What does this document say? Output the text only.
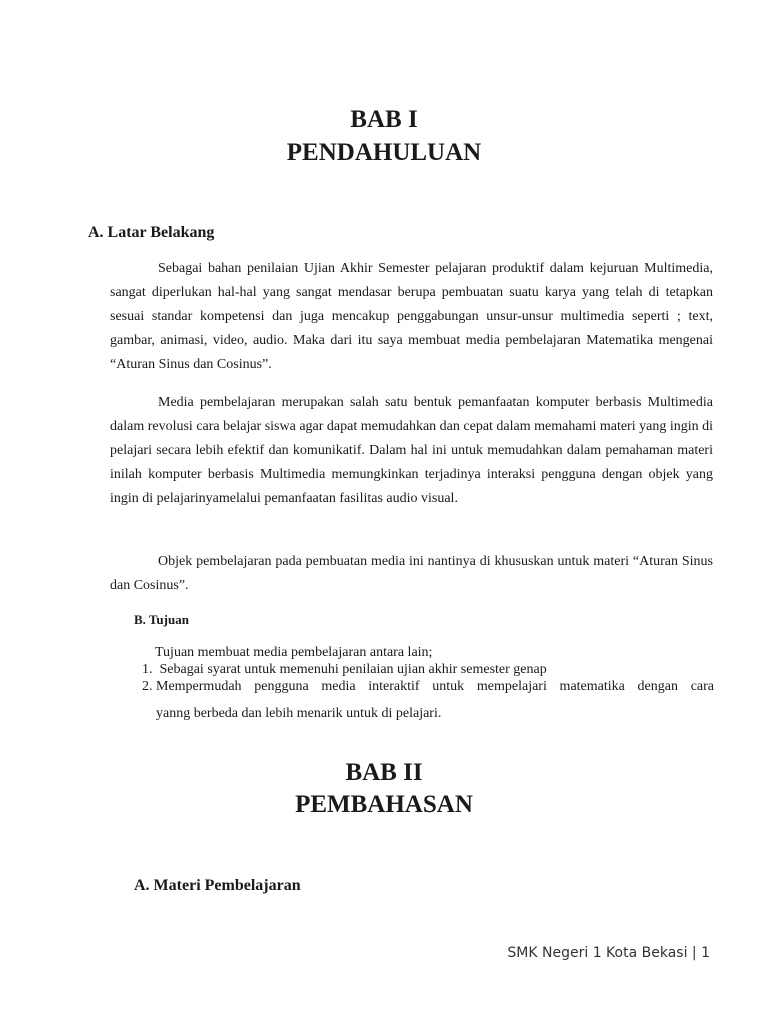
BAB I
PENDAHULUAN
A. Latar Belakang

Sebagai bahan penilaian Ujian Akhir Semester pelajaran produktif dalam kejuruan Multimedia, sangat diperlukan hal-hal yang sangat mendasar berupa pembuatan suatu karya yang telah di tetapkan sesuai standar kompetensi dan juga mencakup penggabungan unsur-unsur multimedia seperti ; text, gambar, animasi, video, audio. Maka dari itu saya membuat media pembelajaran Matematika mengenai “Aturan Sinus dan Cosinus”.

Media pembelajaran merupakan salah satu bentuk pemanfaatan komputer berbasis Multimedia dalam revolusi cara belajar siswa agar dapat memudahkan dan cepat dalam memahami materi yang ingin di pelajari secara lebih efektif dan komunikatif. Dalam hal ini untuk memudahkan dalam pemahaman materi inilah komputer berbasis Multimedia memungkinkan terjadinya interaksi pengguna dengan objek yang ingin di pelajarinyamelalui pemanfaatan fasilitas audio visual.

Objek pembelajaran pada pembuatan media ini nantinya di khususkan untuk materi “Aturan Sinus dan Cosinus”.

B. Tujuan

Tujuan membuat media pembelajaran antara lain;

1. Sebagai syarat untuk memenuhi penilaian ujian akhir semester genap
2. Mempermudah pengguna media interaktif untuk mempelajari matematika dengan cara
yanng berbeda dan lebih menarik untuk di pelajari.
BAB II
PEMBAHASAN
A. Materi Pembelajaran
SMK Negeri 1 Kota Bekasi | 1
